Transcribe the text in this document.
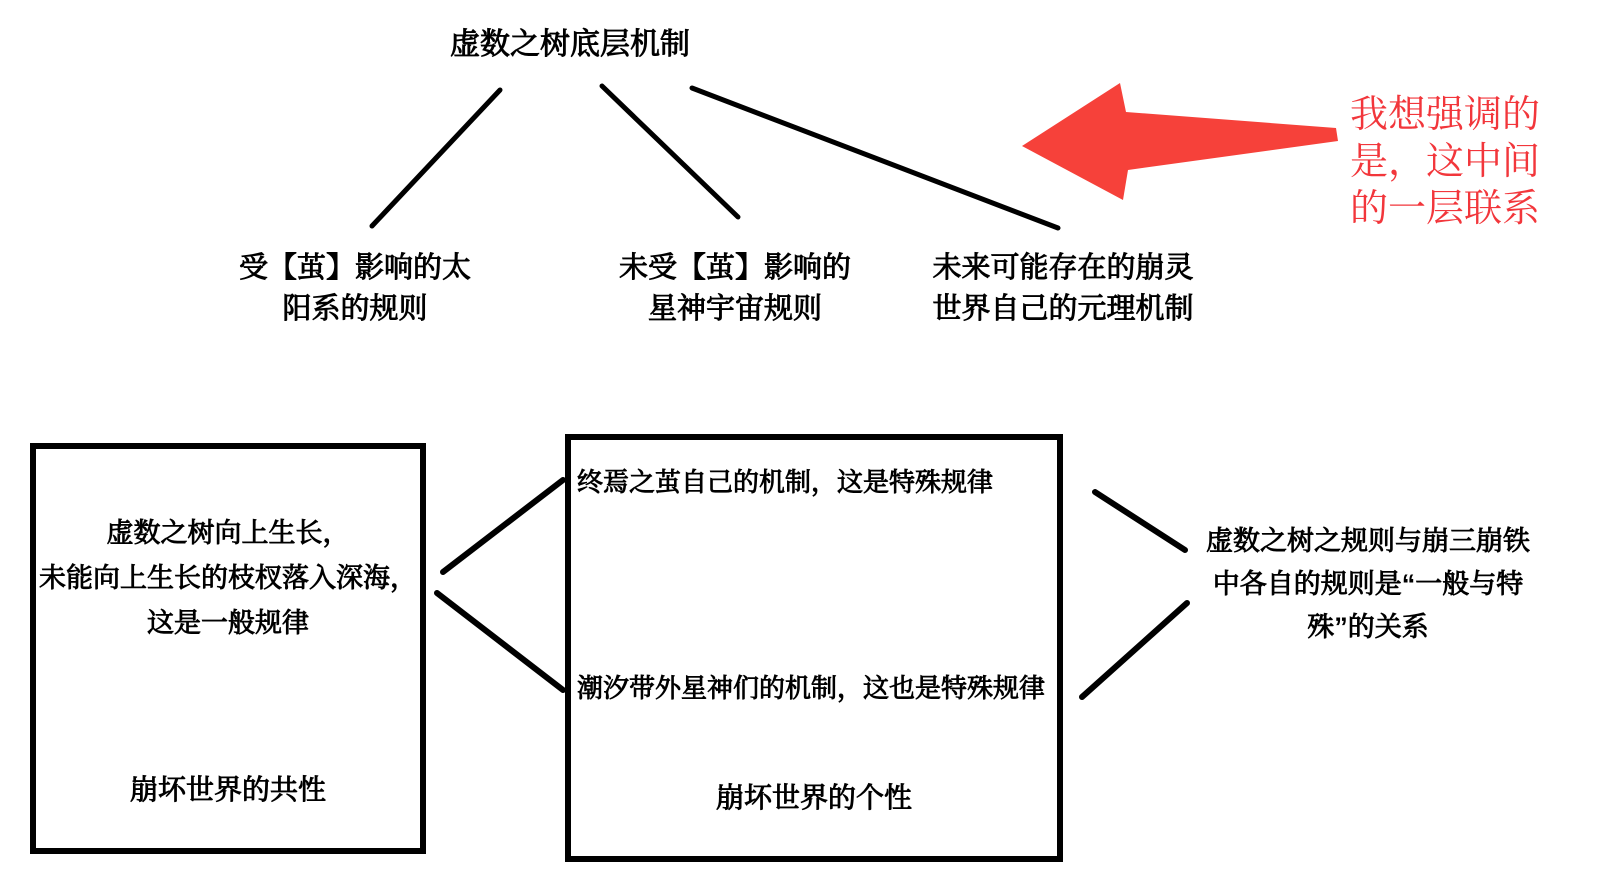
虚数之树底层机制
受【茧】影响的太
阳系的规则
未受【茧】影响的
星神宇宙规则
未来可能存在的崩灵
世界自己的元理机制
我想强调的
是，这中间
的一层联系
虚数之树向上生长，
未能向上生长的枝杈落入深海，
这是一般规律
崩坏世界的共性
终焉之茧自己的机制，这是特殊规律
潮汐带外星神们的机制，这也是特殊规律
崩坏世界的个性
虚数之树之规则与崩三崩铁
中各自的规则是“一般与特
殊”的关系
